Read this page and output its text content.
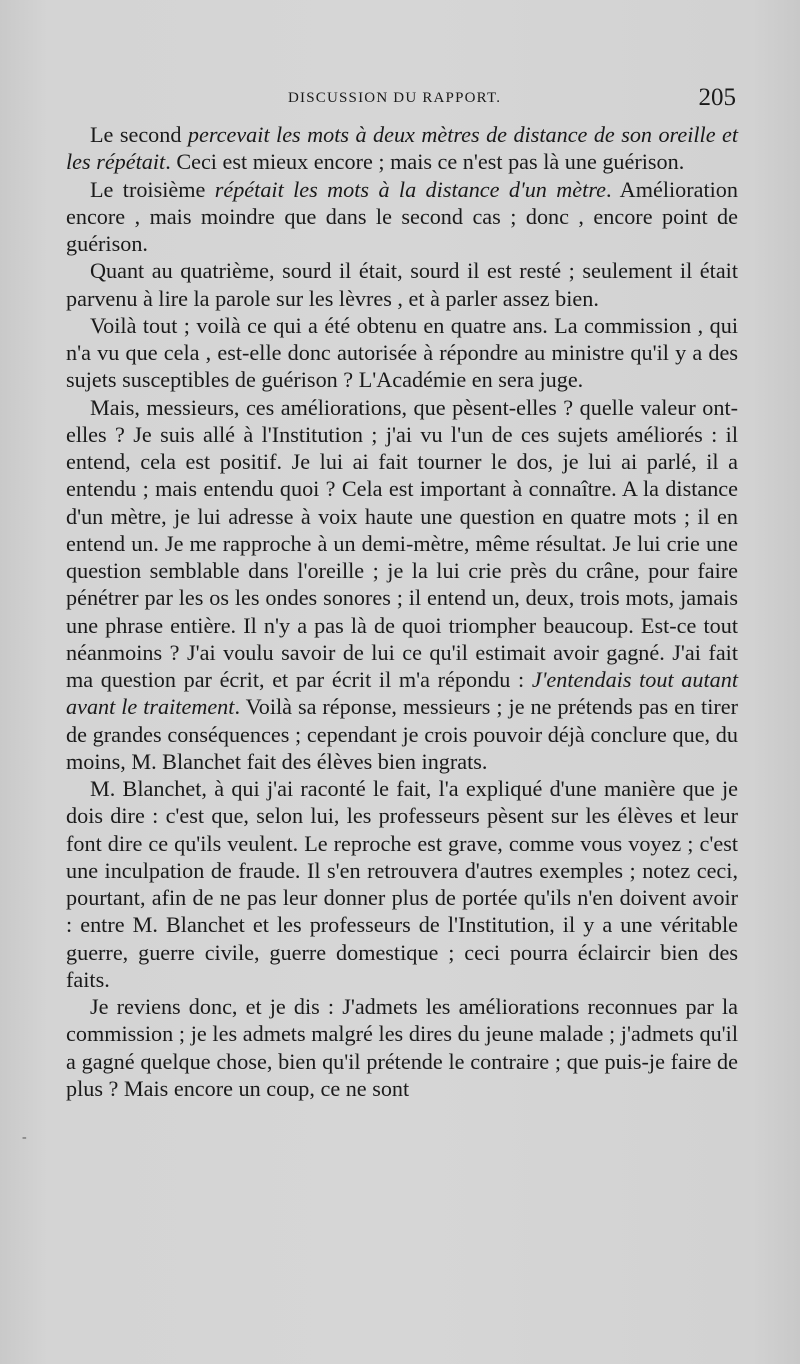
DISCUSSION DU RAPPORT.	205

Le second percevait les mots à deux mètres de distance de son oreille et les répétait. Ceci est mieux encore ; mais ce n'est pas là une guérison.

Le troisième répétait les mots à la distance d'un mètre. Amélioration encore , mais moindre que dans le second cas ; donc , encore point de guérison.

Quant au quatrième, sourd il était, sourd il est resté ; seulement il était parvenu à lire la parole sur les lèvres , et à parler assez bien.

Voilà tout ; voilà ce qui a été obtenu en quatre ans. La commission , qui n'a vu que cela , est-elle donc autorisée à répondre au ministre qu'il y a des sujets susceptibles de guérison ? L'Académie en sera juge.

Mais, messieurs, ces améliorations, que pèsent-elles ? quelle valeur ont-elles ? Je suis allé à l'Institution ; j'ai vu l'un de ces sujets améliorés : il entend, cela est positif. Je lui ai fait tourner le dos, je lui ai parlé, il a entendu ; mais entendu quoi ? Cela est important à connaître. A la distance d'un mètre, je lui adresse à voix haute une question en quatre mots ; il en entend un. Je me rapproche à un demi-mètre, même résultat. Je lui crie une question semblable dans l'oreille ; je la lui crie près du crâne, pour faire pénétrer par les os les ondes sonores ; il entend un, deux, trois mots, jamais une phrase entière. Il n'y a pas là de quoi triompher beaucoup. Est-ce tout néanmoins ? J'ai voulu savoir de lui ce qu'il estimait avoir gagné. J'ai fait ma question par écrit, et par écrit il m'a répondu : J'entendais tout autant avant le traitement. Voilà sa réponse, messieurs ; je ne prétends pas en tirer de grandes conséquences ; cependant je crois pouvoir déjà conclure que, du moins, M. Blanchet fait des élèves bien ingrats.

M. Blanchet, à qui j'ai raconté le fait, l'a expliqué d'une manière que je dois dire : c'est que, selon lui, les professeurs pèsent sur les élèves et leur font dire ce qu'ils veulent. Le reproche est grave, comme vous voyez ; c'est une inculpation de fraude. Il s'en retrouvera d'autres exemples ; notez ceci, pourtant, afin de ne pas leur donner plus de portée qu'ils n'en doivent avoir : entre M. Blanchet et les professeurs de l'Institution, il y a une véritable guerre, guerre civile, guerre domestique ; ceci pourra éclaircir bien des faits.

Je reviens donc, et je dis : J'admets les améliorations reconnues par la commission ; je les admets malgré les dires du jeune malade ; j'admets qu'il a gagné quelque chose, bien qu'il prétende le contraire ; que puis-je faire de plus ? Mais encore un coup, ce ne sont

-
